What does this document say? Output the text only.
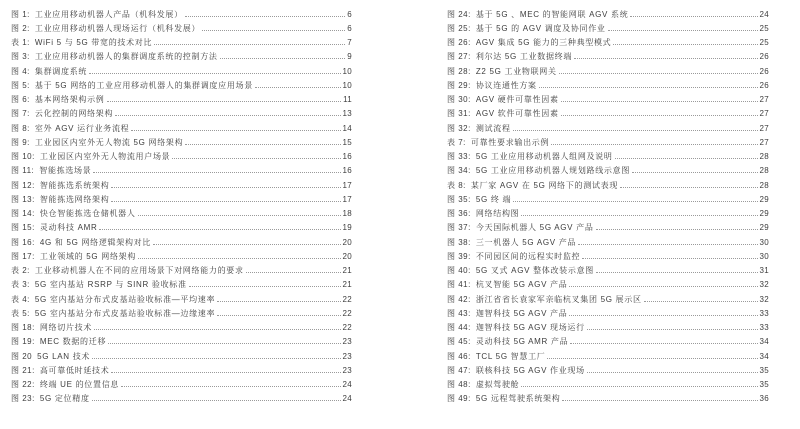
图 1: 工业应用移动机器人产品（机科发展）	6
图 2: 工业应用移动机器人现场运行（机科发展）	6
表 1: WiFi 5 与 5G 带宽的技术对比	7
图 3: 工业应用移动机器人的集群调度系统的控制方法	9
图 4: 集群调度系统	10
图 5: 基于 5G 网络的工业应用移动机器人的集群调度应用场景	10
图 6: 基本网络架构示例	11
图 7: 云化控制的网络架构	13
图 8: 室外 AGV 运行业务流程	14
图 9: 工业园区内室外无人物流 5G 网络架构	15
图 10: 工业园区内室外无人物流用户场景	16
图 11: 智能拣选场景	16
图 12: 智能拣选系统架构	17
图 13: 智能拣选网络架构	17
图 14: 快仓智能拣选仓储机器人	18
图 15: 灵动科技 AMR	19
图 16: 4G 和 5G 网络逻辑架构对比	20
图 17: 工业领域的 5G 网络架构	20
表 2: 工业移动机器人在不同的应用场景下对网络能力的要求	21
表 3: 5G 室内基站 RSRP 与 SINR 验收标准	21
表 4: 5G 室内基站分布式皮基站验收标准—平均速率	22
表 5: 5G 室内基站分布式皮基站验收标准—边缘速率	22
图 18: 网络切片技术	22
图 19: MEC 数据的迁移	23
图 20 5G LAN 技术	23
图 21: 高可靠低时延技术	23
图 22: 终端 UE 的位置信息	24
图 23: 5G 定位精度	24
图 24: 基于 5G 、MEC 的智能网联 AGV 系统	24
图 25: 基于 5G 的 AGV 调度及协同作业	25
图 26: AGV 集成 5G 能力的三种典型模式	25
图 27: 利尔达 5G 工业数据终端	26
图 28: Z2 5G 工业物联网关	26
图 29: 协议连通性方案	26
图 30: AGV 硬件可靠性因素	27
图 31: AGV 软件可靠性因素	27
图 32: 测试流程	27
表 7: 可靠性要求输出示例	27
图 33: 5G 工业应用移动机器人组网及说明	28
图 34: 5G 工业应用移动机器人规划路线示意图	28
表 8: 某厂家 AGV 在 5G 网络下的测试表现	28
图 35: 5G 终 端	29
图 36: 网络结构图	29
图 37: 今天国际机器人 5G AGV 产品	29
图 38: 三一机器人 5G AGV 产品	30
图 39: 不同园区间的远程实时监控	30
图 40: 5G 叉式 AGV 整体改装示意图	31
图 41: 杭叉智能 5G AGV 产品	32
图 42: 浙江省省长袁家军亲临杭叉集团 5G 展示区	32
图 43: 迦智科技 5G AGV 产品	33
图 44: 迦智科技 5G AGV 现场运行	33
图 45: 灵动科技 5G AMR 产品	34
图 46: TCL 5G 智慧工厂	34
图 47: 联核科技 5G AGV 作业现场	35
图 48: 虚拟驾驶舱	35
图 49: 5G 远程驾驶系统架构	36
